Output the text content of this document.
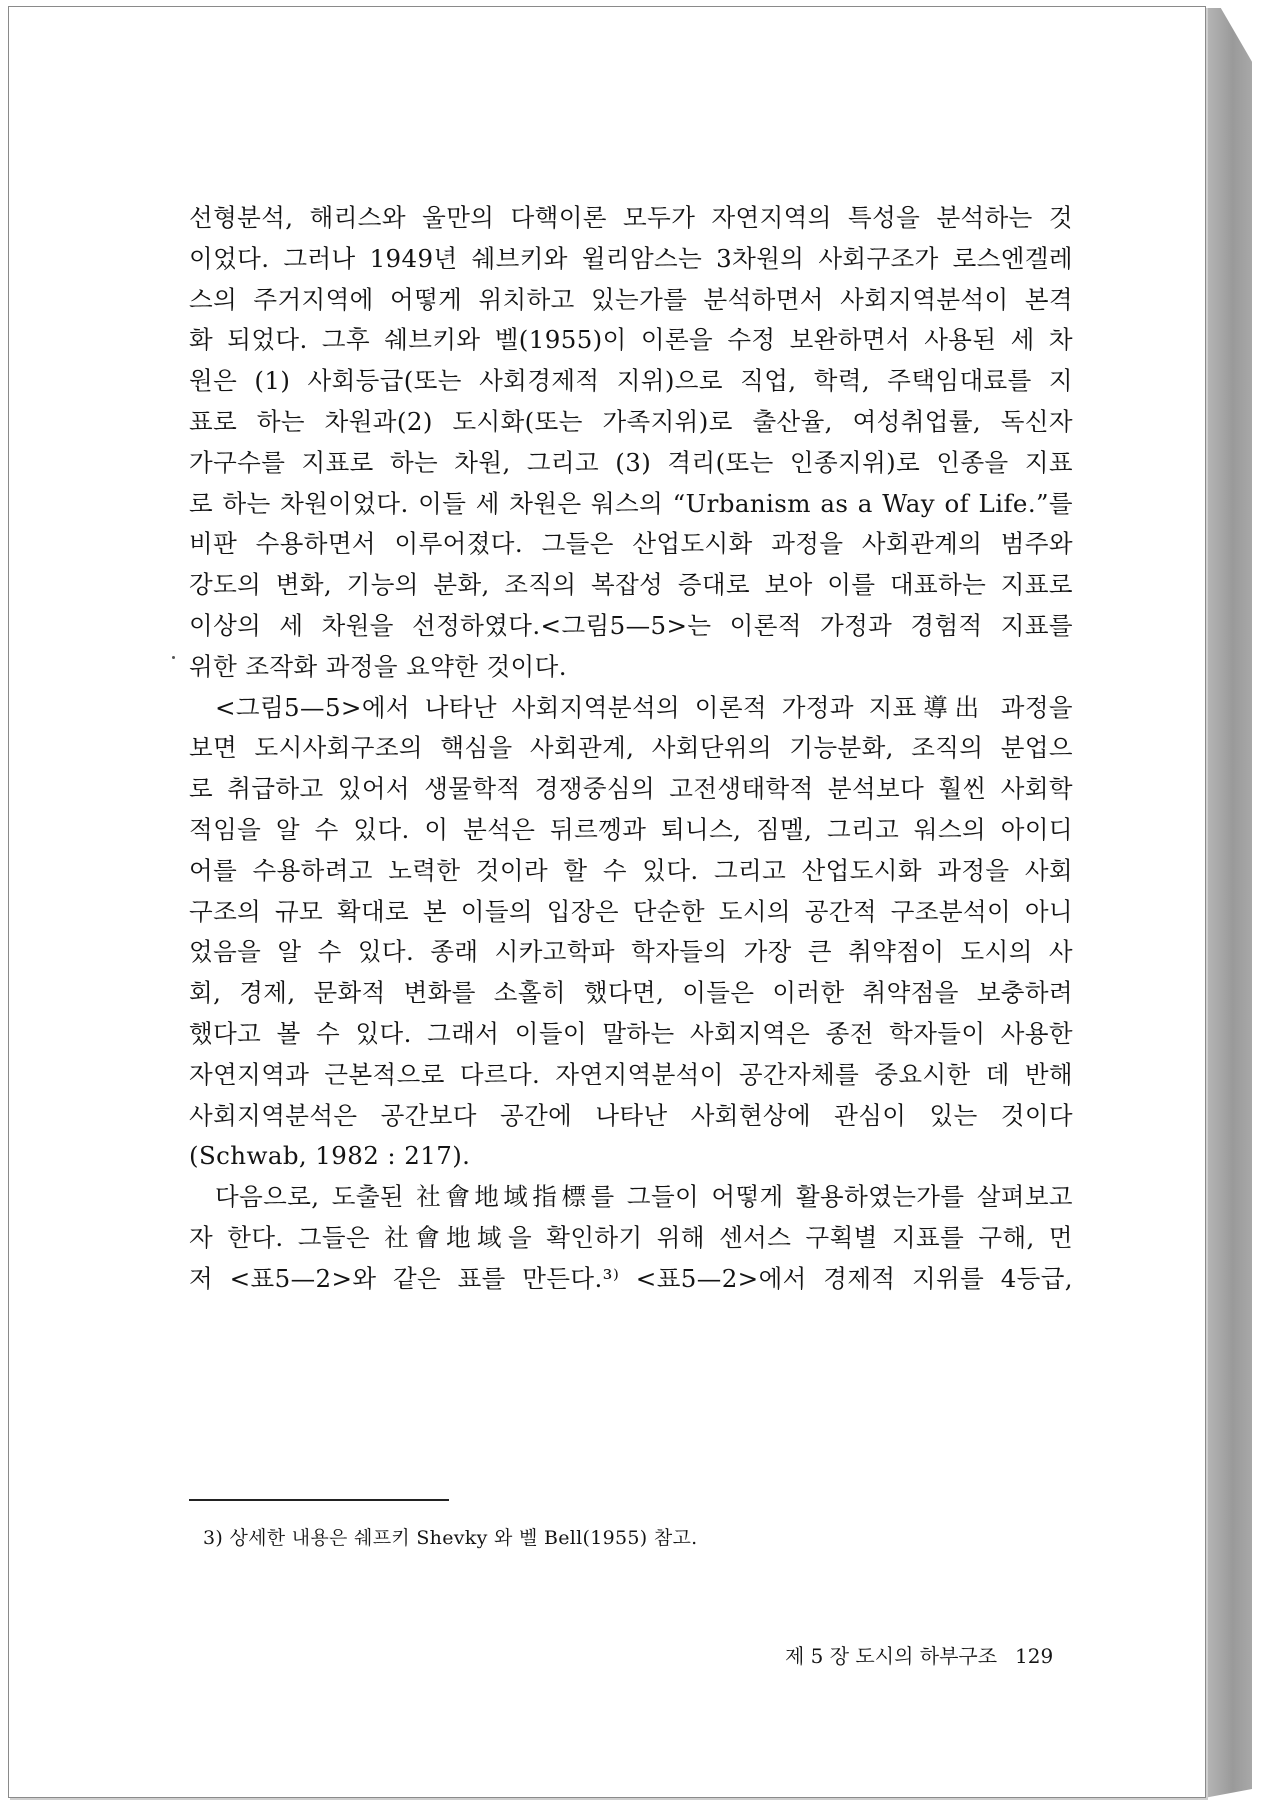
선형분석, 해리스와 울만의 다핵이론 모두가 자연지역의 특성을 분석하는 것

이었다. 그러나 1949년 쉐브키와 윌리암스는 3차원의 사회구조가 로스엔겔레

스의 주거지역에 어떻게 위치하고 있는가를 분석하면서 사회지역분석이 본격

화 되었다. 그후 쉐브키와 벨(1955)이 이론을 수정 보완하면서 사용된 세 차

원은 (1) 사회등급(또는 사회경제적 지위)으로 직업, 학력, 주택임대료를 지

표로 하는 차원과(2) 도시화(또는 가족지위)로 출산율, 여성취업률, 독신자

가구수를 지표로 하는 차원, 그리고 (3) 격리(또는 인종지위)로 인종을 지표

로 하는 차원이었다. 이들 세 차원은 워스의 “Urbanism as a Way of Life.”를

비판 수용하면서 이루어졌다. 그들은 산업도시화 과정을 사회관계의 범주와

강도의 변화, 기능의 분화, 조직의 복잡성 증대로 보아 이를 대표하는 지표로

이상의 세 차원을 선정하였다.<그림5—5>는 이론적 가정과 경험적 지표를

위한 조작화 과정을 요약한 것이다.

<그림5—5>에서 나타난 사회지역분석의 이론적 가정과 지표導出 과정을

보면 도시사회구조의 핵심을 사회관계, 사회단위의 기능분화, 조직의 분업으

로 취급하고 있어서 생물학적 경쟁중심의 고전생태학적 분석보다 훨씬 사회학

적임을 알 수 있다. 이 분석은 뒤르껭과 퇴니스, 짐멜, 그리고 워스의 아이디

어를 수용하려고 노력한 것이라 할 수 있다. 그리고 산업도시화 과정을 사회

구조의 규모 확대로 본 이들의 입장은 단순한 도시의 공간적 구조분석이 아니

었음을 알 수 있다. 종래 시카고학파 학자들의 가장 큰 취약점이 도시의 사

회, 경제, 문화적 변화를 소홀히 했다면, 이들은 이러한 취약점을 보충하려

했다고 볼 수 있다. 그래서 이들이 말하는 사회지역은 종전 학자들이 사용한

자연지역과 근본적으로 다르다. 자연지역분석이 공간자체를 중요시한 데 반해

사회지역분석은 공간보다 공간에 나타난 사회현상에 관심이 있는 것이다

(Schwab, 1982 : 217).

다음으로, 도출된 社會地域指標를 그들이 어떻게 활용하였는가를 살펴보고

자 한다. 그들은 社會地域을 확인하기 위해 센서스 구획별 지표를 구해, 먼

저 <표5—2>와 같은 표를 만든다.³⁾ <표5—2>에서 경제적 지위를 4등급,

3) 상세한 내용은 쉐프키 Shevky 와 벨 Bell(1955) 참고.
제 5 장 도시의 하부구조 129
